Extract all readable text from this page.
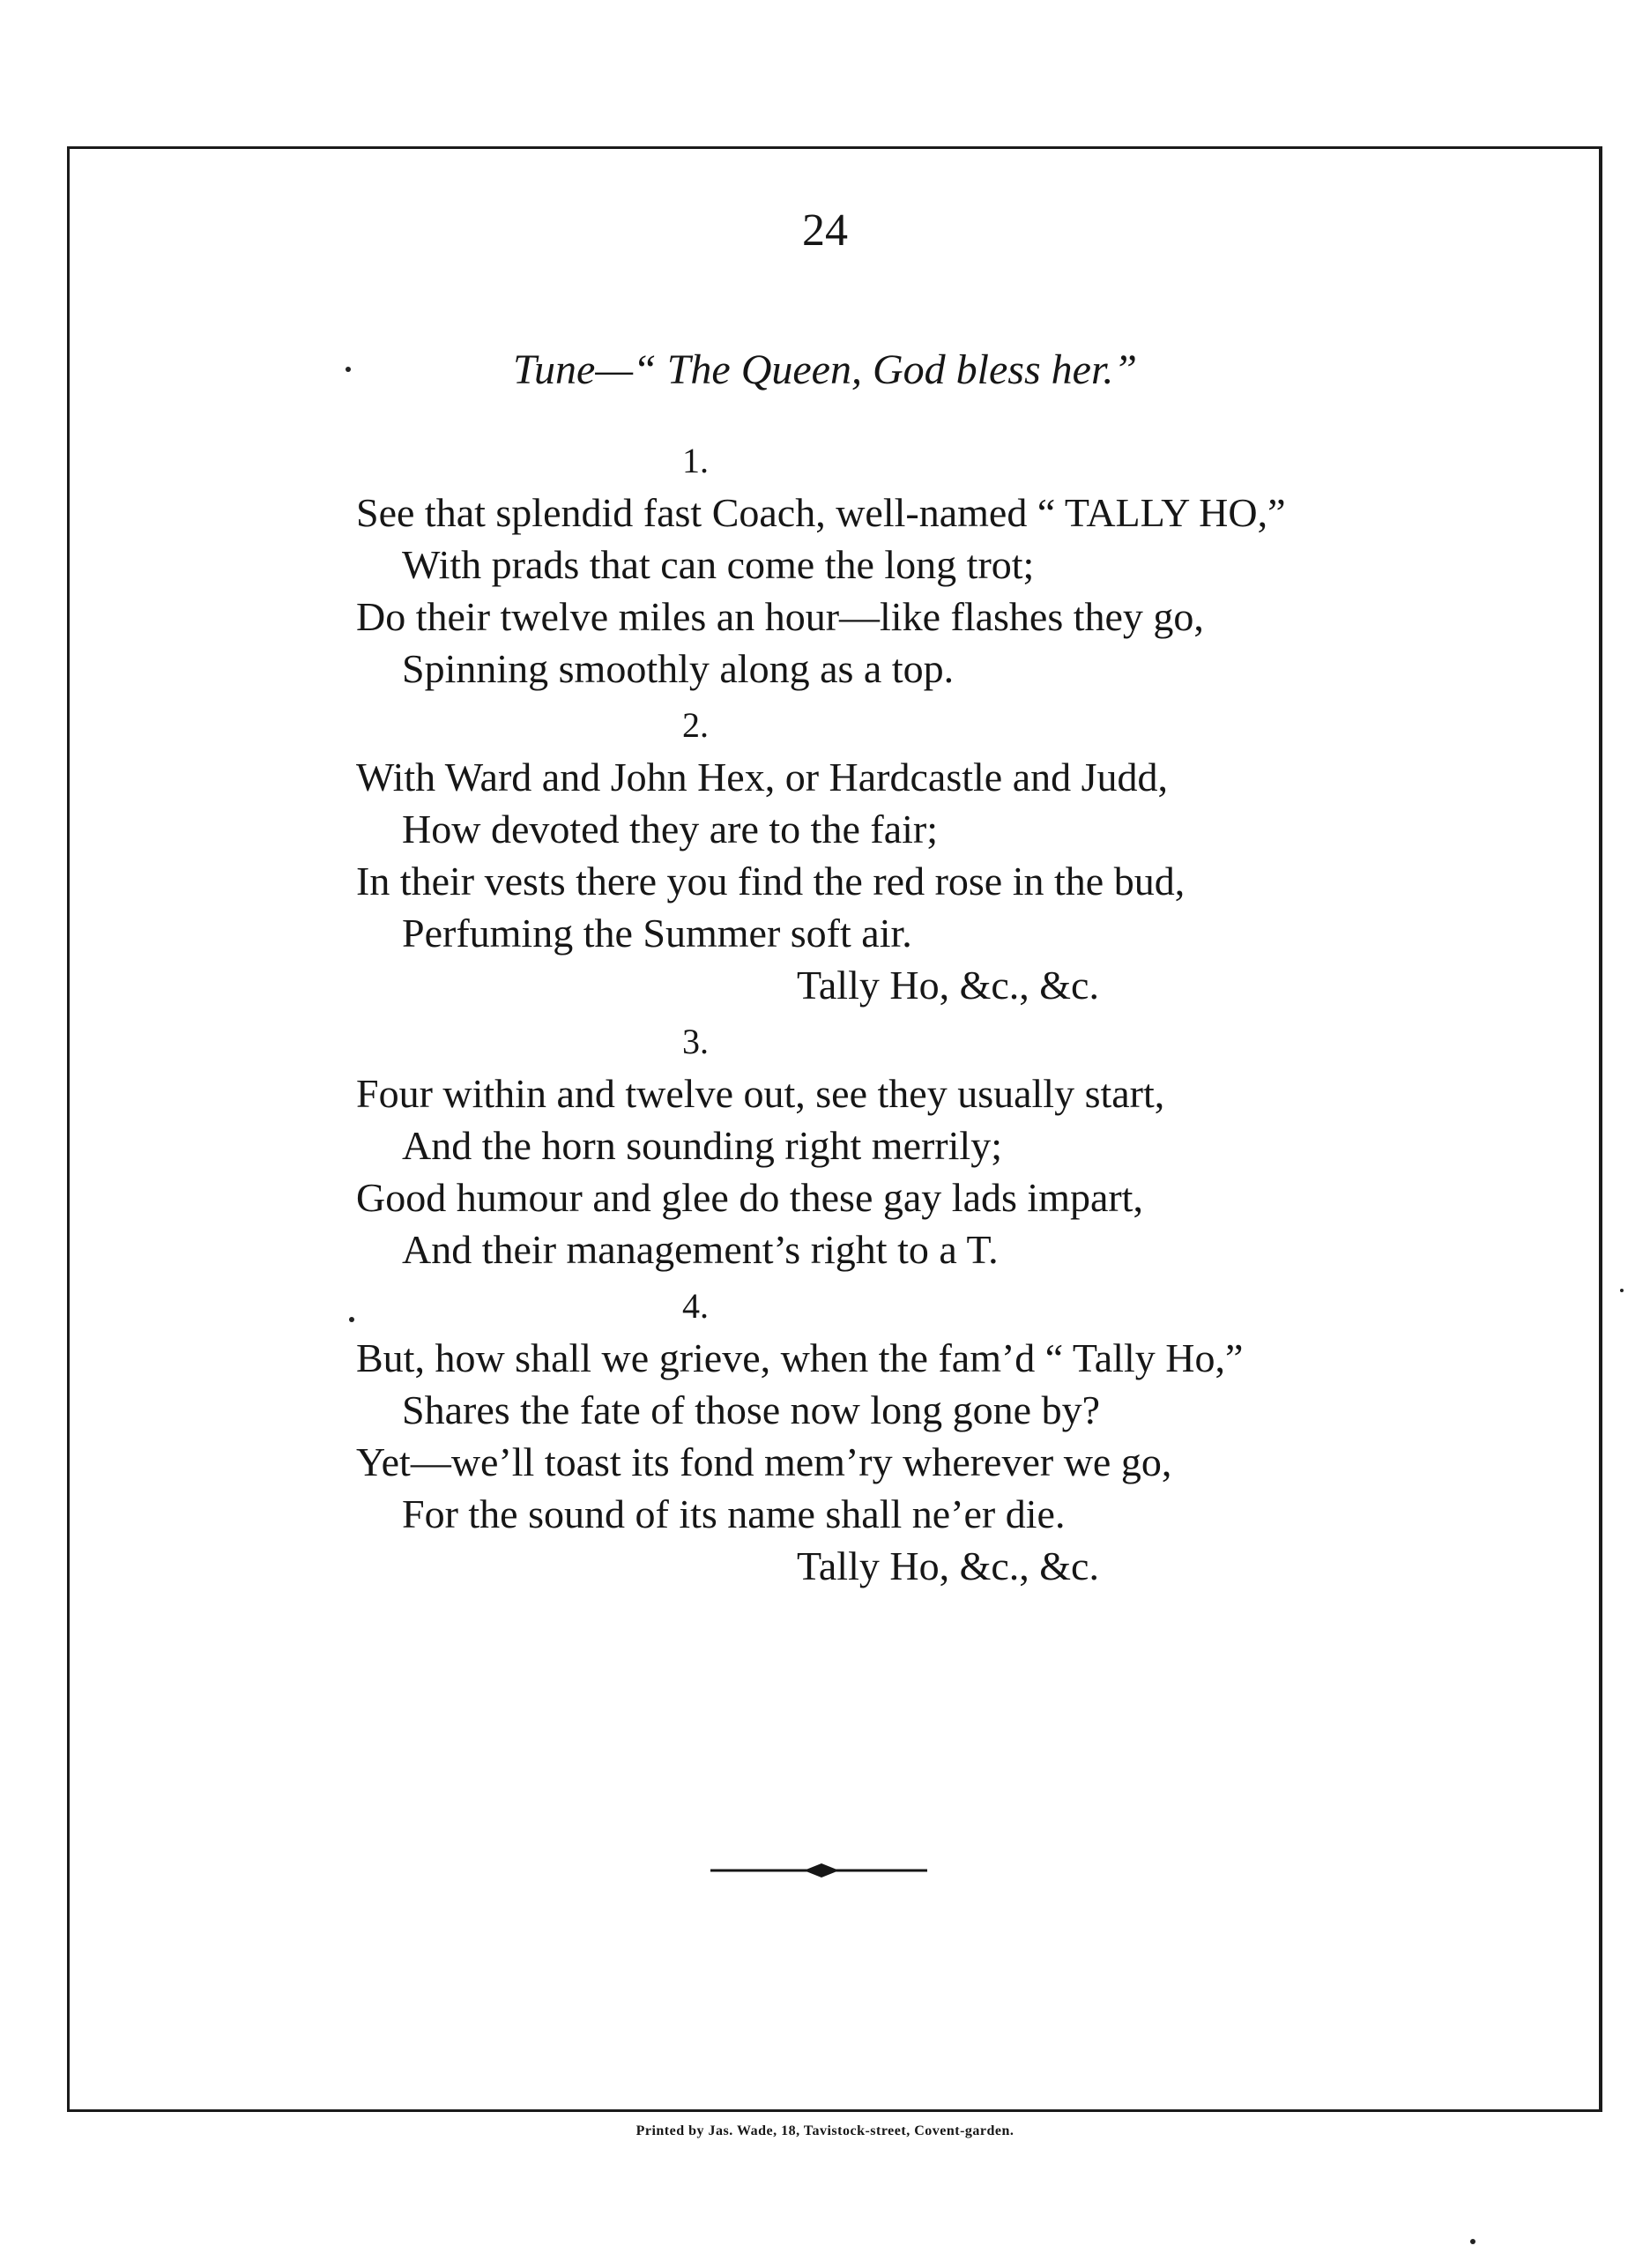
24
Tune—“ The Queen, God bless her.”
1.
See that splendid fast Coach, well-named “ TALLY HO,”
With prads that can come the long trot;
Do their twelve miles an hour—like flashes they go,
Spinning smoothly along as a top.
2.
With Ward and John Hex, or Hardcastle and Judd,
How devoted they are to the fair;
In their vests there you find the red rose in the bud,
Perfuming the Summer soft air.
Tally Ho, &c., &c.
3.
Four within and twelve out, see they usually start,
And the horn sounding right merrily;
Good humour and glee do these gay lads impart,
And their management’s right to a T.
4.
But, how shall we grieve, when the fam’d “ Tally Ho,”
Shares the fate of those now long gone by?
Yet—we’ll toast its fond mem’ry wherever we go,
For the sound of its name shall ne’er die.
Tally Ho, &c., &c.
Printed by Jas. Wade, 18, Tavistock-street, Covent-garden.
